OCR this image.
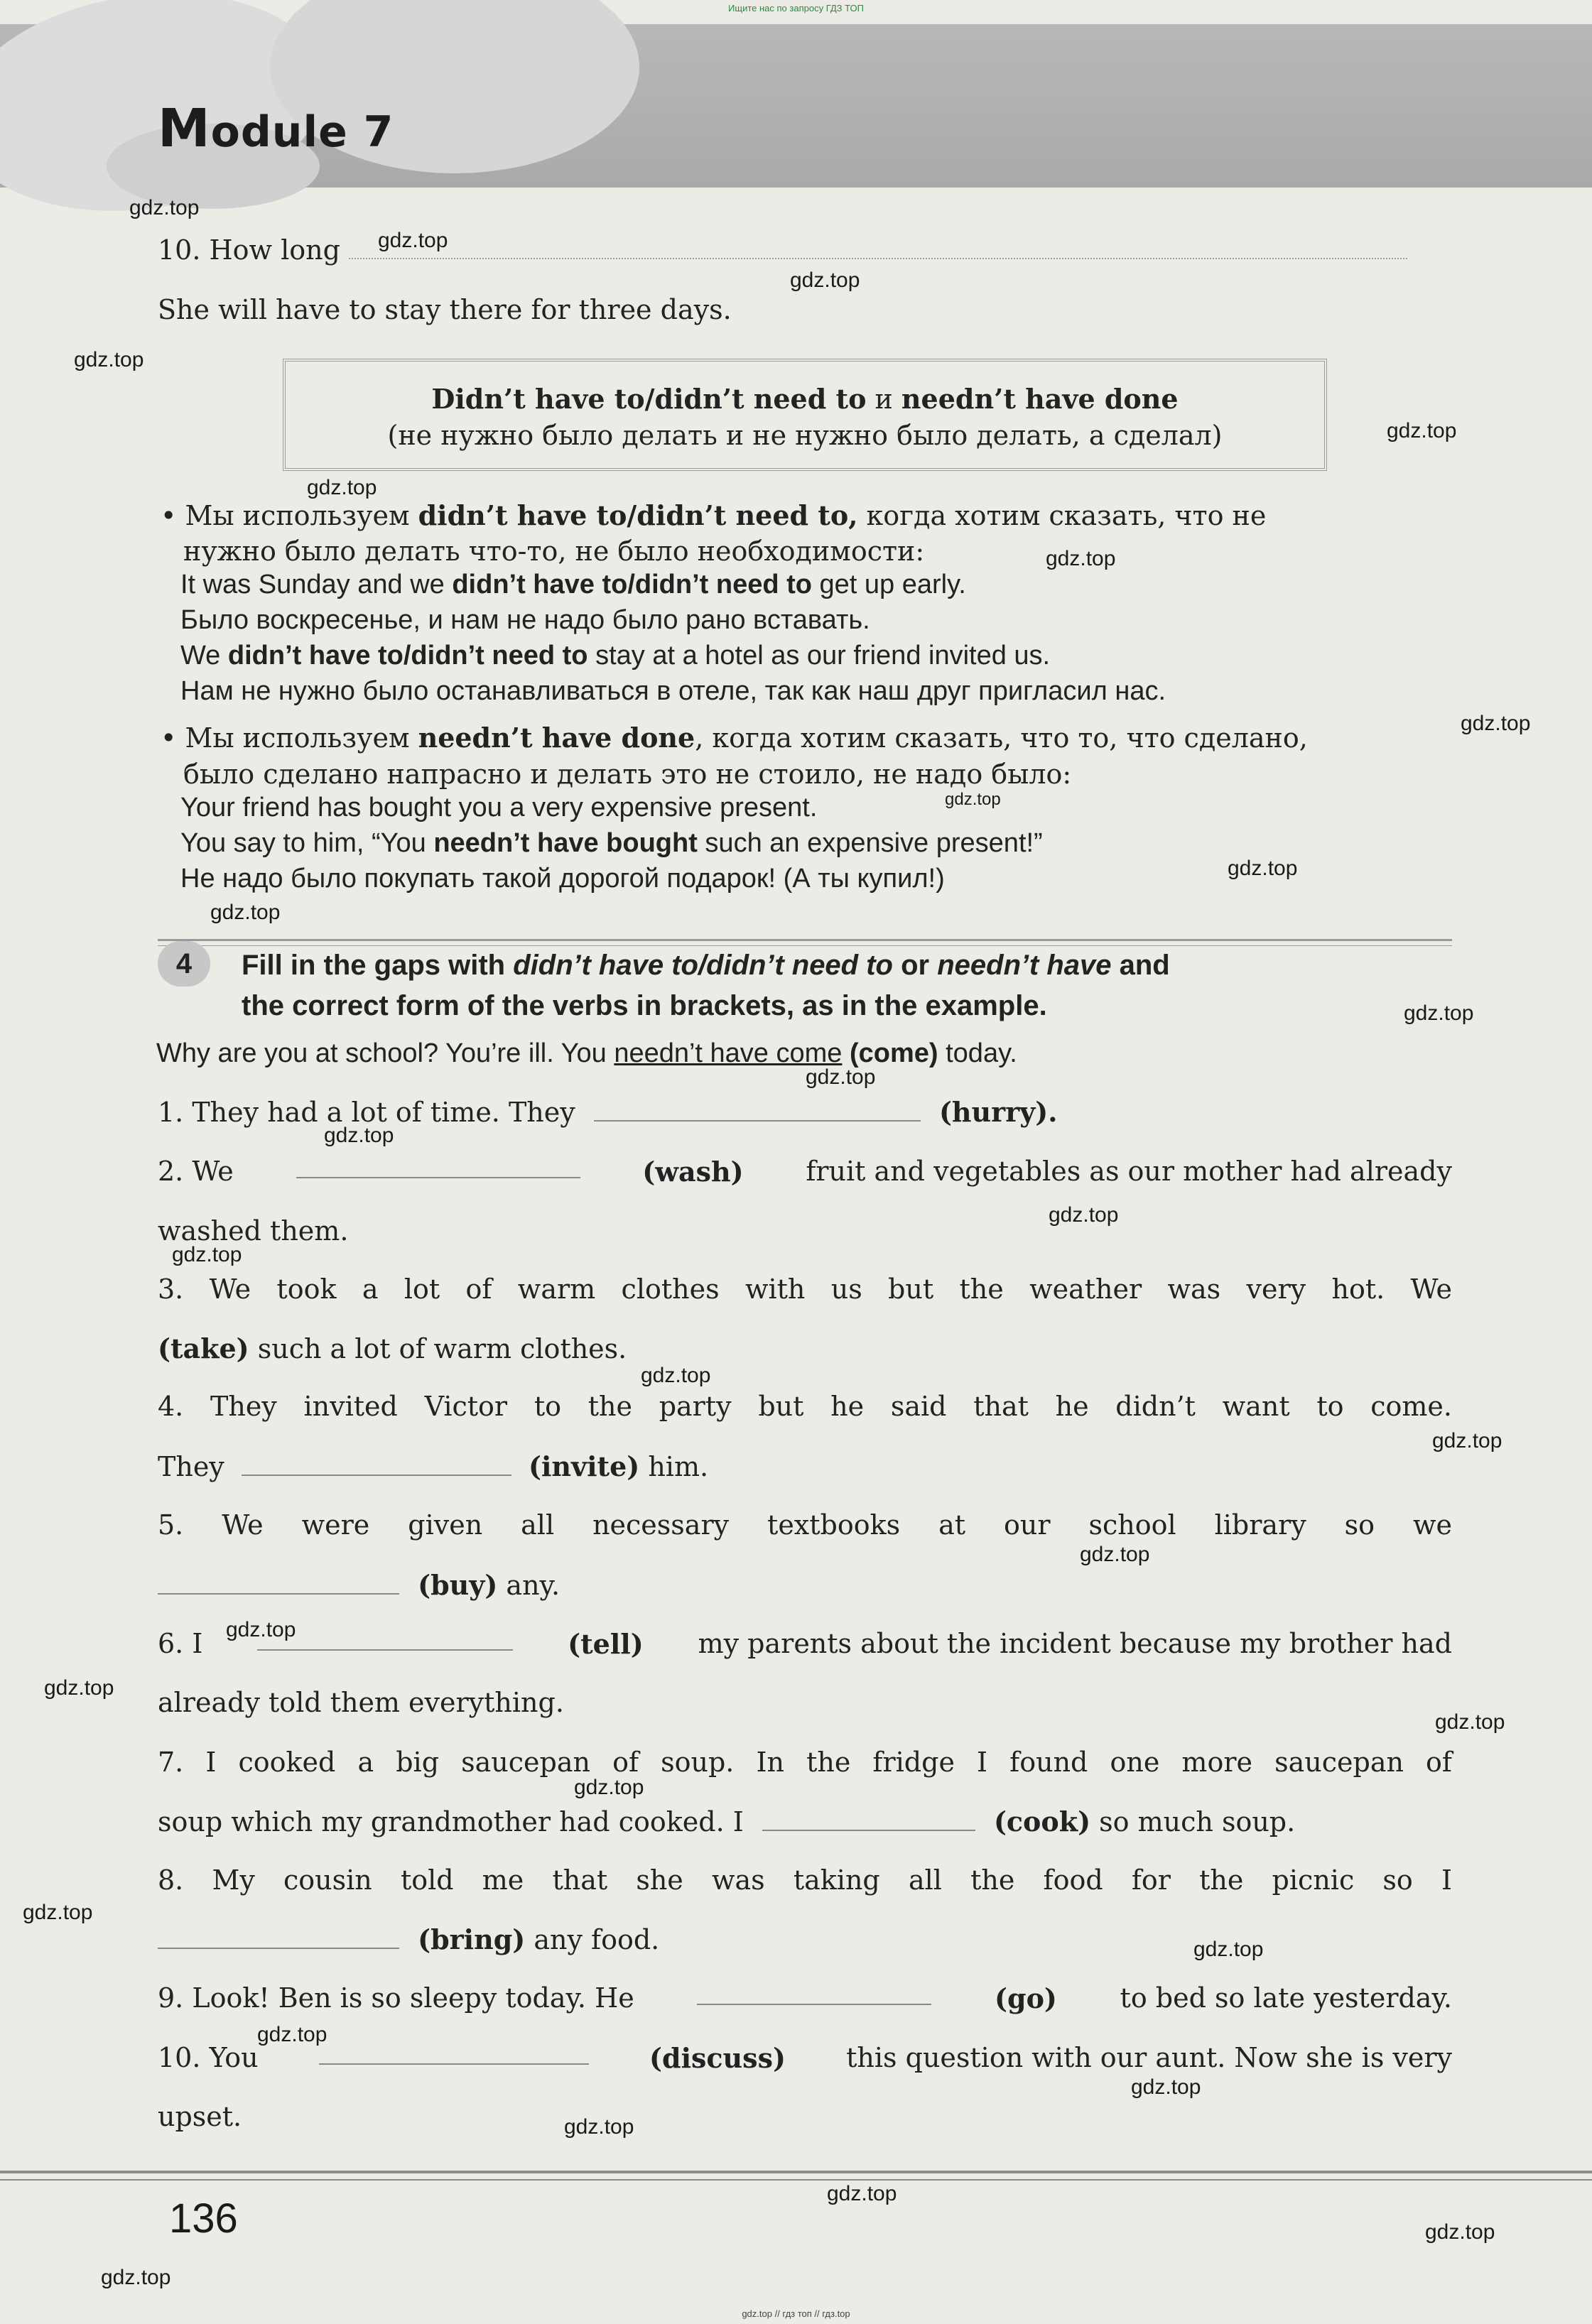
Ищите нас по запросу ГДЗ ТОП
Module 7
10. How long
She will have to stay there for three days.
Didn’t have to/didn’t need to и needn’t have done
(не нужно было делать и не нужно было делать, а сделал)
• Мы используем didn’t have to/didn’t need to, когда хотим сказать, что не
нужно было делать что-то, не было необходимости:
It was Sunday and we didn’t have to/didn’t need to get up early.
Было воскресенье, и нам не надо было рано вставать.
We didn’t have to/didn’t need to stay at a hotel as our friend invited us.
Нам не нужно было останавливаться в отеле, так как наш друг пригласил нас.
• Мы используем needn’t have done, когда хотим сказать, что то, что сделано,
было сделано напрасно и делать это не стоило, не надо было:
Your friend has bought you a very expensive present.
You say to him, “You needn’t have bought such an expensive present!”
Не надо было покупать такой дорогой подарок! (А ты купил!)
4	Fill in the gaps with didn’t have to/didn’t need to or needn’t have and
the correct form of the verbs in brackets, as in the example.
Why are you at school? You’re ill. You needn’t have come (come) today.
1. They had a lot of time. They	(hurry).
2. We	(wash) fruit and vegetables as our mother had already
washed them.
3. We took a lot of warm clothes with us but the weather was very hot. We
(take) such a lot of warm clothes.
4. They invited Victor to the party but he said that he didn’t want to come.
They	(invite) him.
5. We were given all necessary textbooks at our school library so we
(buy) any.
6. I	(tell) my parents about the incident because my brother had
already told them everything.
7. I cooked a big saucepan of soup. In the fridge I found one more saucepan of
soup which my grandmother had cooked. I	(cook) so much soup.
8. My cousin told me that she was taking all the food for the picnic so I
(bring) any food.
9. Look! Ben is so sleepy today. He	(go) to bed so late yesterday.
10. You	(discuss) this question with our aunt. Now she is very
upset.
136
gdz.top
gdz.top
gdz.top
gdz.top
gdz.top
gdz.top
gdz.top
gdz.top
gdz.top
gdz.top
gdz.top
gdz.top
gdz.top
gdz.top
gdz.top
gdz.top
gdz.top
gdz.top
gdz.top
gdz.top
gdz.top
gdz.top
gdz.top
gdz.top
gdz.top
gdz.top
gdz.top
gdz.top
gdz.top
gdz.top
gdz.top
gdz.top // гдз топ // гдз.top
